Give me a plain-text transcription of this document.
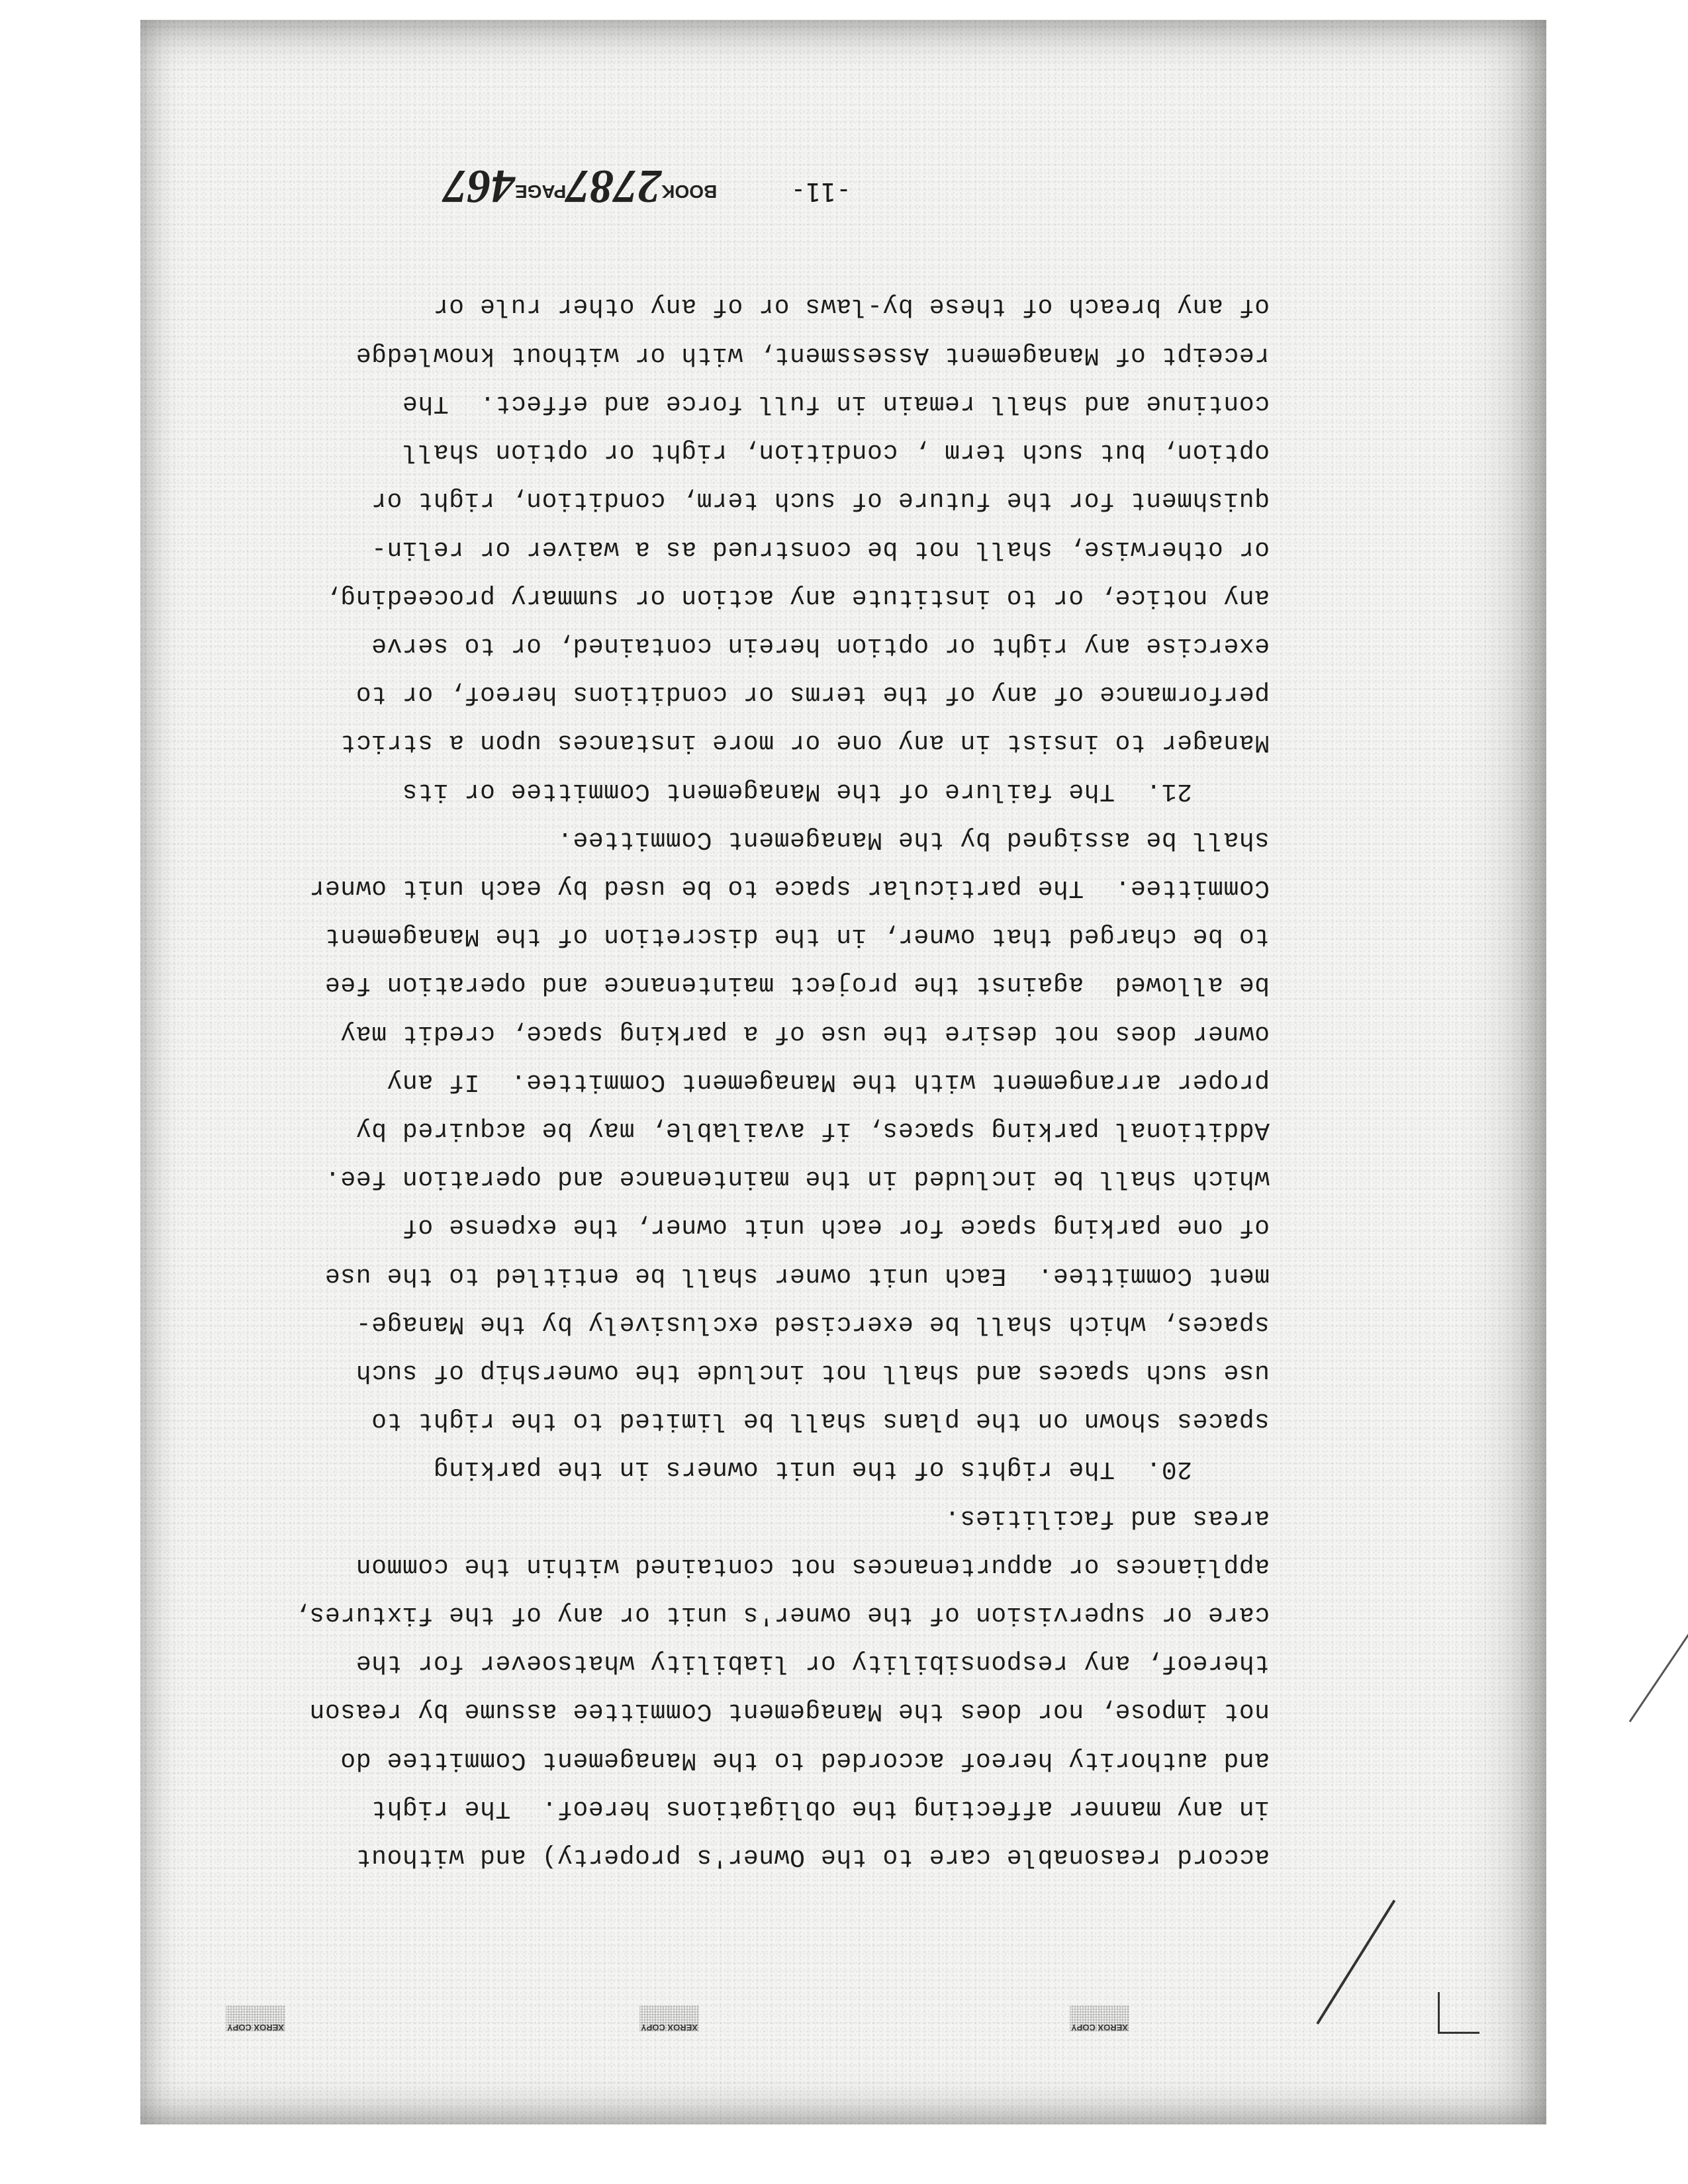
accord reasonable care to the Owner's property) and without
in any manner affecting the obligations hereof.  The right
and authority hereof accorded to the Management Committee do
not impose, nor does the Management Committee assume by reason
thereof, any responsibility or liability whatsoever for the
care or supervision of the owner's unit or any of the fixtures,
appliances or appurtenances not contained within the common
areas and facilities.
20.  The rights of the unit owners in the parking
spaces shown on the plans shall be limited to the right to
use such spaces and shall not include the ownership of such
spaces, which shall be exercised exclusively by the Manage-
ment Committee.  Each unit owner shall be entitled to the use
of one parking space for each unit owner, the expense of
which shall be included in the maintenance and operation fee.
Additional parking spaces, if available, may be acquired by
proper arrangement with the Management Committee.  If any
owner does not desire the use of a parking space, credit may
be allowed  against the project maintenance and operation fee
to be charged that owner, in the discretion of the Management
Committee.  The particular space to be used by each unit owner
shall be assigned by the Management Committee.
21.  The failure of the Management Committee or its
Manager to insist in any one or more instances upon a strict
performance of any of the terms or conditions hereof, or to
exercise any right or option herein contained, or to serve
any notice, or to institute any action or summary proceeding,
or otherwise, shall not be construed as a waiver or relin-
quishment for the future of such term, condition, right or
option, but such term , condition, right or option shall
continue and shall remain in full force and effect.  The
receipt of Management Assessment, with or without knowledge
of any breach of these by-laws or of any other rule or
-11-

BOOK2787PAGE467

XEROX COPY	XEROX COPY	XEROX COPY
